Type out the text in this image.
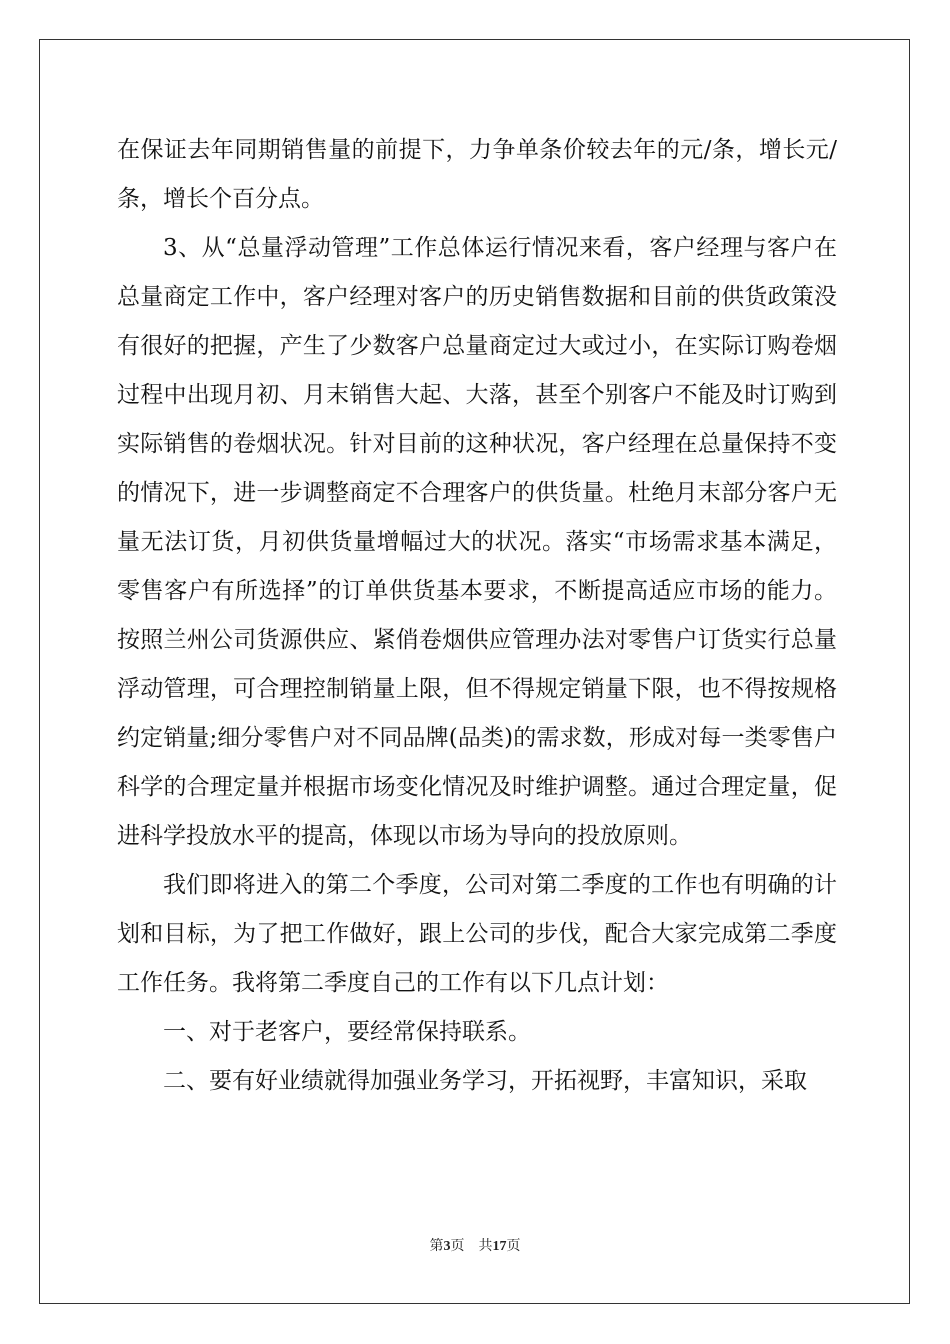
在保证去年同期销售量的前提下，力争单条价较去年的元/条，增长元/条，增长个百分点。

3、从“总量浮动管理”工作总体运行情况来看，客户经理与客户在总量商定工作中，客户经理对客户的历史销售数据和目前的供货政策没有很好的把握，产生了少数客户总量商定过大或过小，在实际订购卷烟过程中出现月初、月末销售大起、大落，甚至个别客户不能及时订购到实际销售的卷烟状况。针对目前的这种状况，客户经理在总量保持不变的情况下，进一步调整商定不合理客户的供货量。杜绝月末部分客户无量无法订货，月初供货量增幅过大的状况。落实“市场需求基本满足，零售客户有所选择”的订单供货基本要求，不断提高适应市场的能力。按照兰州公司货源供应、紧俏卷烟供应管理办法对零售户订货实行总量浮动管理，可合理控制销量上限，但不得规定销量下限，也不得按规格约定销量;细分零售户对不同品牌(品类)的需求数，形成对每一类零售户科学的合理定量并根据市场变化情况及时维护调整。通过合理定量，促进科学投放水平的提高，体现以市场为导向的投放原则。

我们即将进入的第二个季度，公司对第二季度的工作也有明确的计划和目标，为了把工作做好，跟上公司的步伐，配合大家完成第二季度工作任务。我将第二季度自己的工作有以下几点计划：

一、对于老客户，要经常保持联系。

二、要有好业绩就得加强业务学习，开拓视野，丰富知识，采取

第3页 共17页
